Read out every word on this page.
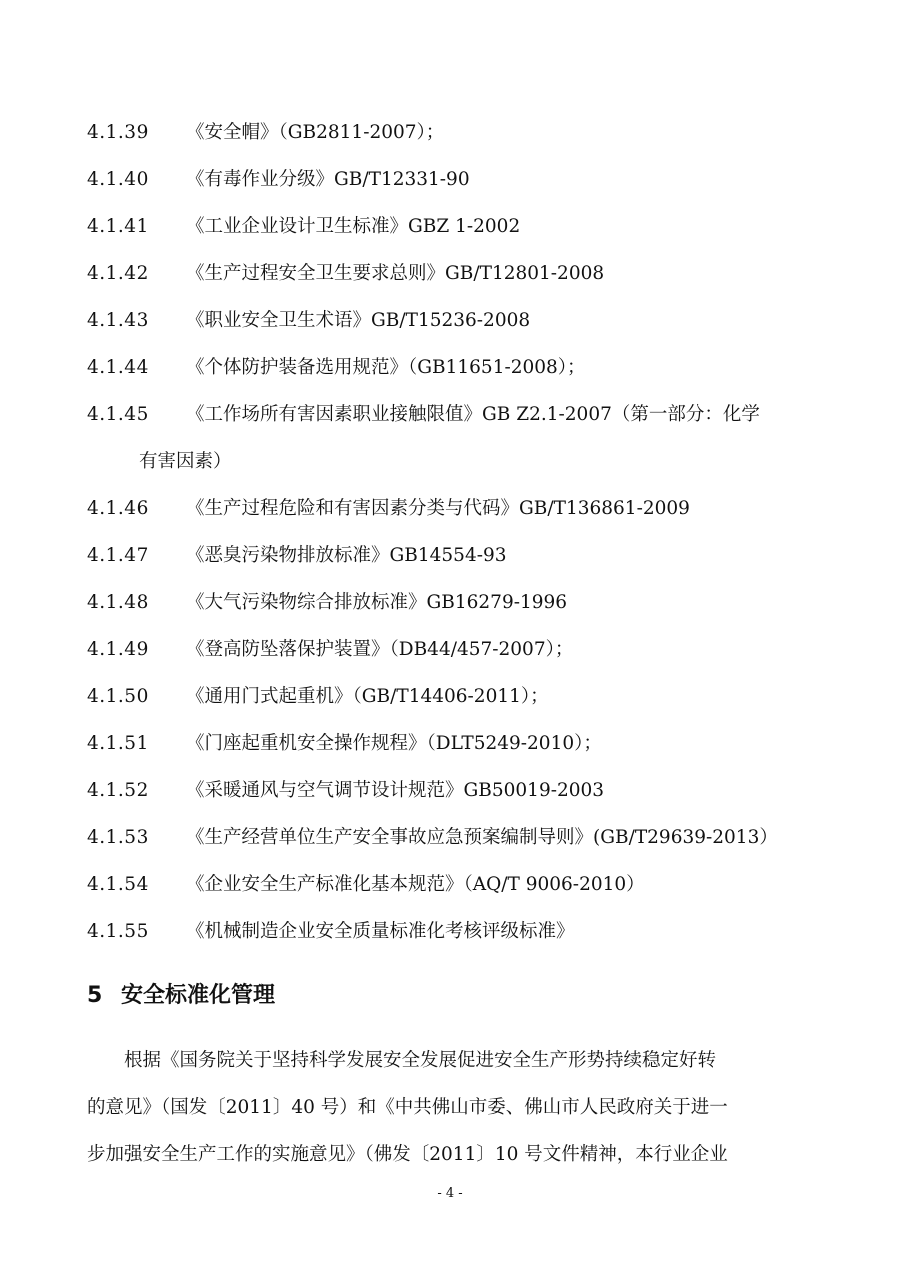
4.1.39	《安全帽》（GB2811-2007）；
4.1.40	《有毒作业分级》GB/T12331-90
4.1.41	《工业企业设计卫生标准》GBZ 1-2002
4.1.42	《生产过程安全卫生要求总则》GB/T12801-2008
4.1.43	《职业安全卫生术语》GB/T15236-2008
4.1.44	《个体防护装备选用规范》（GB11651-2008）；
4.1.45	《工作场所有害因素职业接触限值》GB Z2.1-2007（第一部分：化学
有害因素）
4.1.46	《生产过程危险和有害因素分类与代码》GB/T136861-2009
4.1.47	《恶臭污染物排放标准》GB14554-93
4.1.48	《大气污染物综合排放标准》GB16279-1996
4.1.49	《登高防坠落保护装置》（DB44/457-2007）；
4.1.50	《通用门式起重机》（GB/T14406-2011）；
4.1.51	《门座起重机安全操作规程》（DLT5249-2010）；
4.1.52	《采暖通风与空气调节设计规范》GB50019-2003
4.1.53	《生产经营单位生产安全事故应急预案编制导则》(GB/T29639-2013）
4.1.54	《企业安全生产标准化基本规范》（AQ/T 9006-2010）
4.1.55	《机械制造企业安全质量标准化考核评级标准》
5 安全标准化管理
根据《国务院关于坚持科学发展安全发展促进安全生产形势持续稳定好转
的意见》（国发〔2011〕40 号）和《中共佛山市委、佛山市人民政府关于进一
步加强安全生产工作的实施意见》（佛发〔2011〕10 号文件精神，本行业企业
- 4 -
